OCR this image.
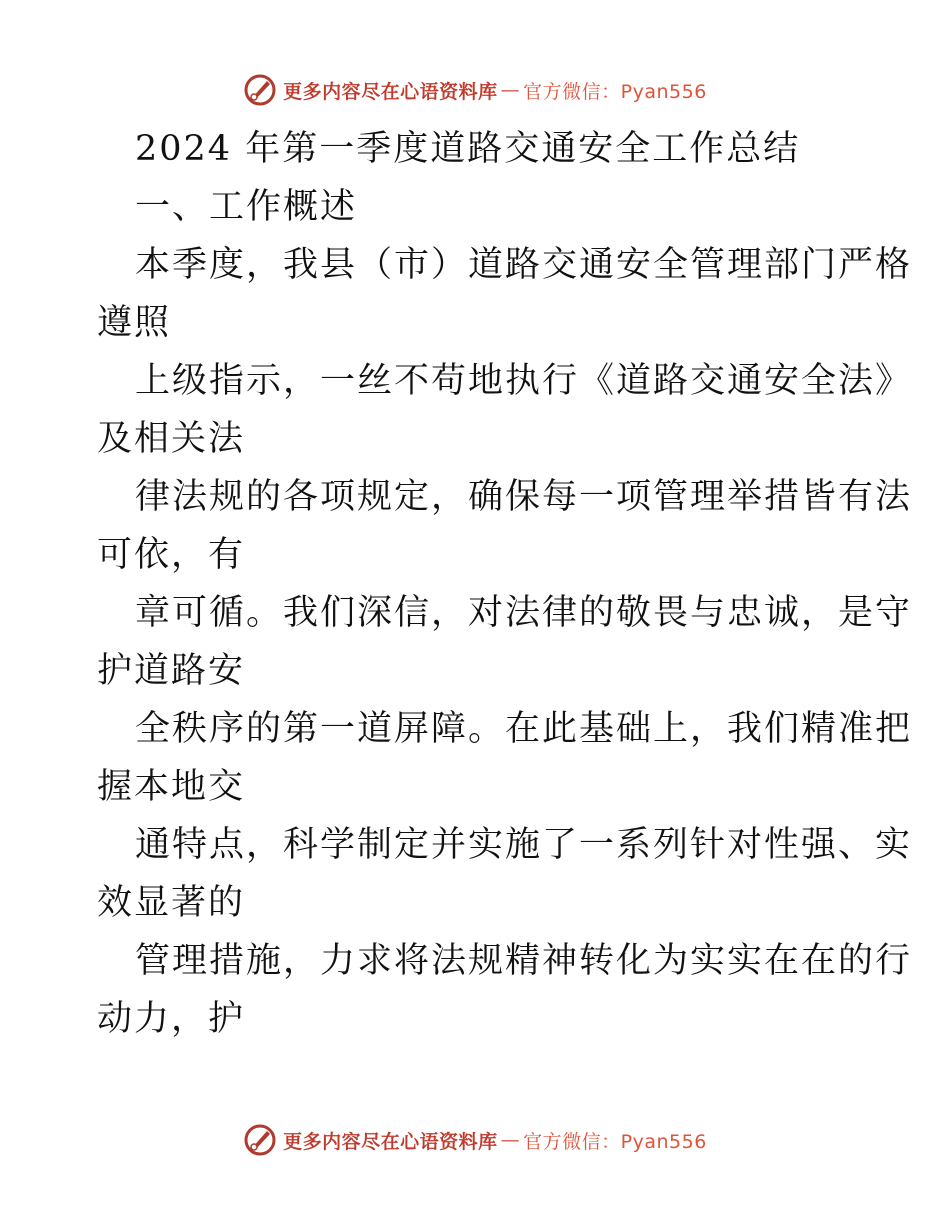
更多内容尽在心语资料库 — 官方微信：Pyan556
2024 年第一季度道路交通安全工作总结
一、工作概述
本季度，我县（市）道路交通安全管理部门严格
遵照
上级指示，一丝不苟地执行《道路交通安全法》
及相关法
律法规的各项规定，确保每一项管理举措皆有法
可依，有
章可循。我们深信，对法律的敬畏与忠诚，是守
护道路安
全秩序的第一道屏障。在此基础上，我们精准把
握本地交
通特点，科学制定并实施了一系列针对性强、实
效显著的
管理措施，力求将法规精神转化为实实在在的行
动力，护
更多内容尽在心语资料库 — 官方微信：Pyan556
